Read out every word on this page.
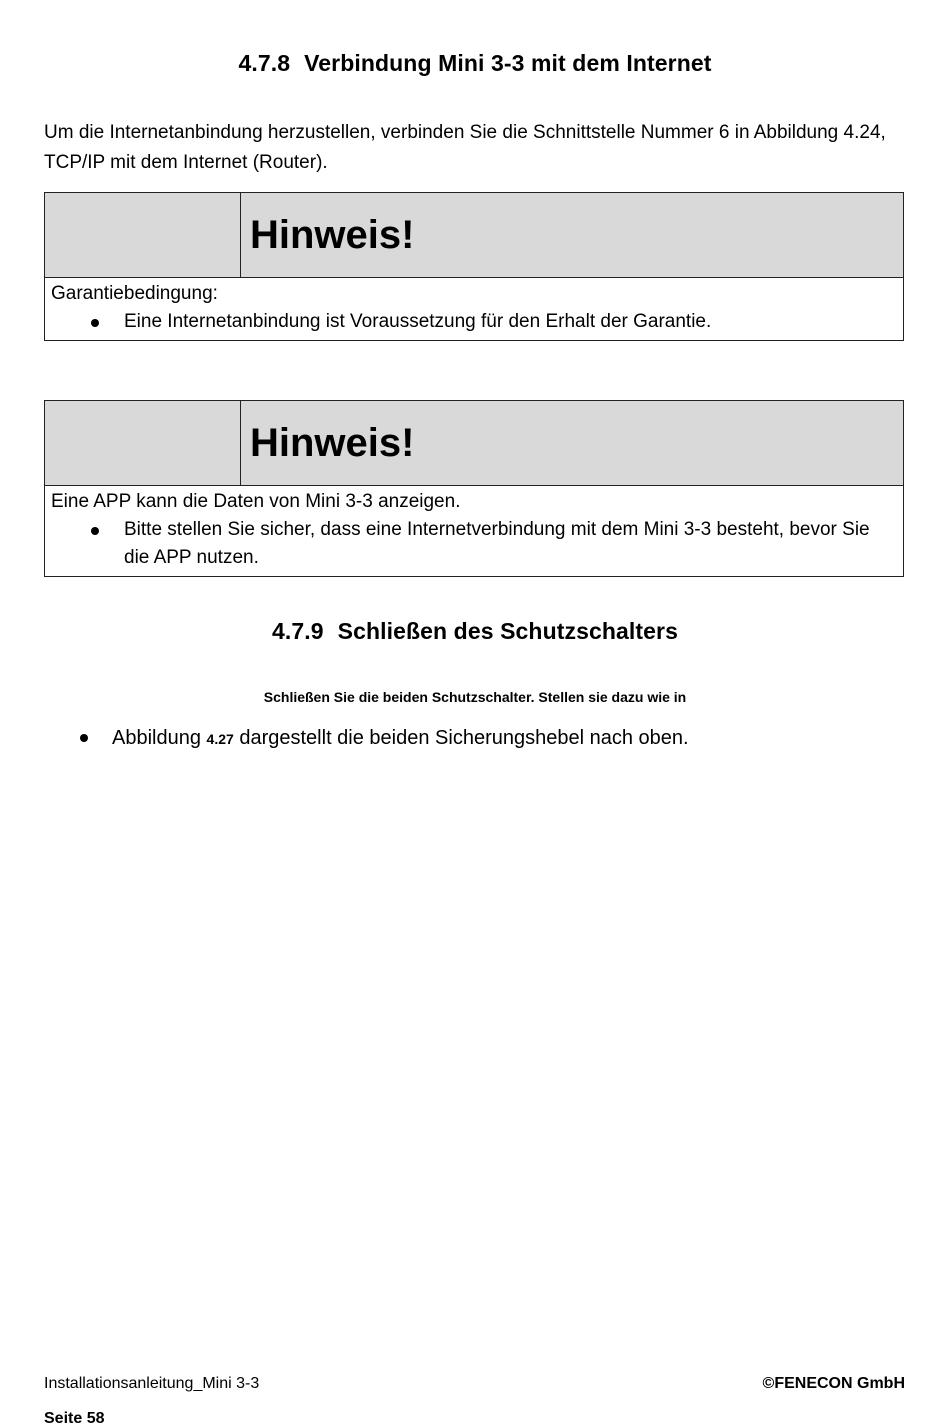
4.7.8 Verbindung Mini 3-3 mit dem Internet
Um die Internetanbindung herzustellen, verbinden Sie die Schnittstelle Nummer 6 in Abbildung 4.24, TCP/IP mit dem Internet (Router).
Hinweis!
Garantiebedingung:
Eine Internetanbindung ist Voraussetzung für den Erhalt der Garantie.
Hinweis!
Eine APP kann die Daten von Mini 3-3 anzeigen.
Bitte stellen Sie sicher, dass eine Internetverbindung mit dem Mini 3-3 besteht, bevor Sie die APP nutzen.
4.7.9 Schließen des Schutzschalters
Schließen Sie die beiden Schutzschalter. Stellen sie dazu wie in
Abbildung 4.27 dargestellt die beiden Sicherungshebel nach oben.
Installationsanleitung_Mini 3-3	©FENECON GmbH
Seite 58
